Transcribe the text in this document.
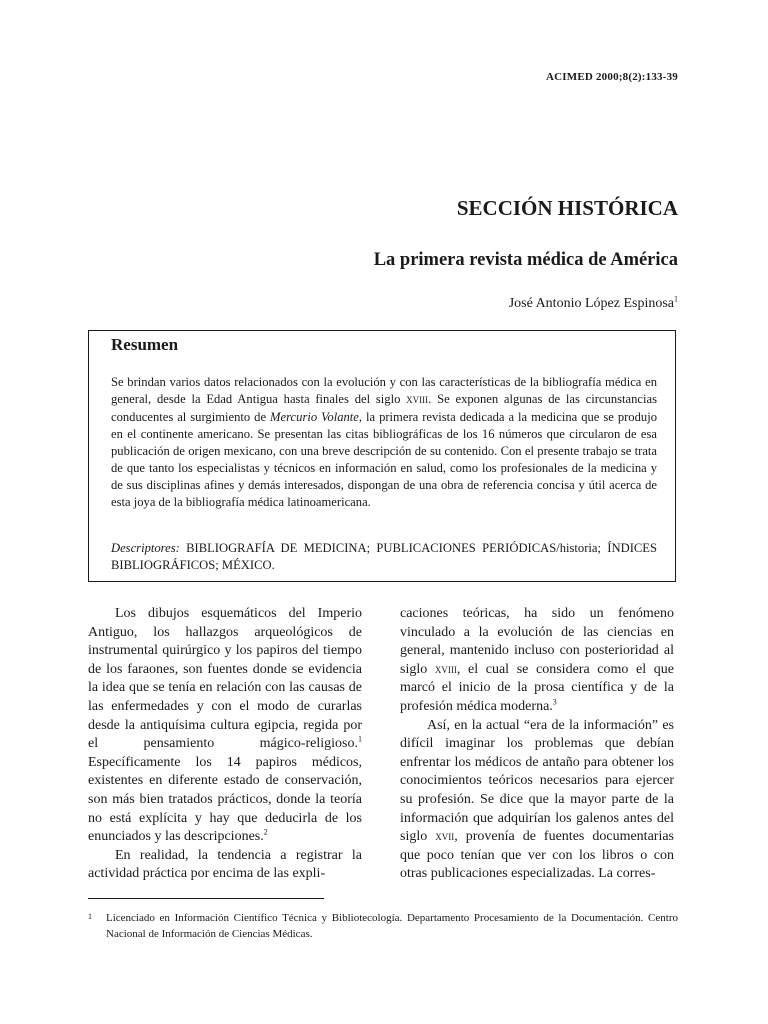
ACIMED 2000;8(2):133-39
SECCIÓN HISTÓRICA
La primera revista médica de América
José Antonio López Espinosa$^1$
Resumen

Se brindan varios datos relacionados con la evolución y con las características de la bibliografía médica en general, desde la Edad Antigua hasta finales del siglo XVIII. Se exponen algunas de las circunstancias conducentes al surgimiento de Mercurio Volante, la primera revista dedicada a la medicina que se produjo en el continente americano. Se presentan las citas bibliográficas de los 16 números que circularon de esa publicación de origen mexicano, con una breve descripción de su contenido. Con el presente trabajo se trata de que tanto los especialistas y técnicos en información en salud, como los profesionales de la medicina y de sus disciplinas afines y demás interesados, dispongan de una obra de referencia concisa y útil acerca de esta joya de la bibliografía médica latinoamericana.

Descriptores: BIBLIOGRAFÍA DE MEDICINA; PUBLICACIONES PERIÓDICAS/historia; ÍNDICES BIBLIOGRÁFICOS; MÉXICO.

Los dibujos esquemáticos del Imperio Antiguo, los hallazgos arqueológicos de instrumental quirúrgico y los papiros del tiempo de los faraones, son fuentes donde se evidencia la idea que se tenía en relación con las causas de las enfermedades y con el modo de curarlas desde la antiquísima cultura egipcia, regida por el pensamiento mágico-religioso.$^1$ Específicamente los 14 papiros médicos, existentes en diferente estado de conservación, son más bien tratados prácticos, donde la teoría no está explícita y hay que deducirla de los enunciados y las descripciones.$^2$

En realidad, la tendencia a registrar la actividad práctica por encima de las expli-

caciones teóricas, ha sido un fenómeno vinculado a la evolución de las ciencias en general, mantenido incluso con posterioridad al siglo XVIII, el cual se considera como el que marcó el inicio de la prosa científica y de la profesión médica moderna.$^3$

Así, en la actual “era de la información” es difícil imaginar los problemas que debían enfrentar los médicos de antaño para obtener los conocimientos teóricos necesarios para ejercer su profesión. Se dice que la mayor parte de la información que adquirían los galenos antes del siglo XVII, provenía de fuentes documentarias que poco tenían que ver con los libros o con otras publicaciones especializadas. La corres-

1 Licenciado en Información Científico Técnica y Bibliotecología. Departamento Procesamiento de la Documentación. Centro Nacional de Información de Ciencias Médicas.
